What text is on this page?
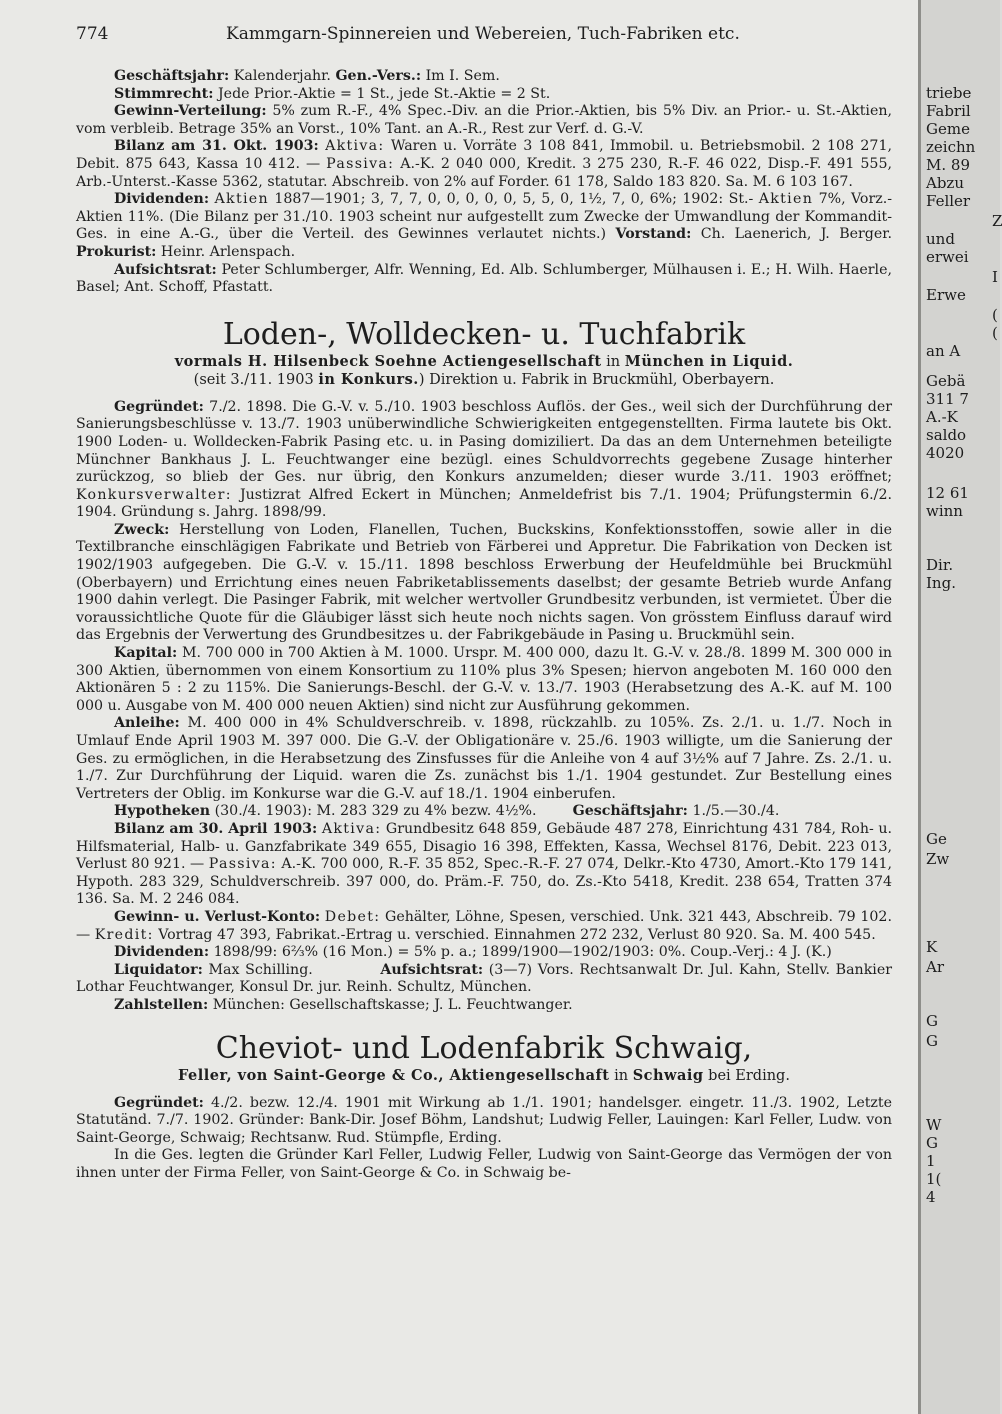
774	Kammgarn-Spinnereien und Webereien, Tuch-Fabriken etc.

Geschäftsjahr: Kalenderjahr. Gen.-Vers.: Im I. Sem.

Stimmrecht: Jede Prior.-Aktie = 1 St., jede St.-Aktie = 2 St.

Gewinn-Verteilung: 5% zum R.-F., 4% Spec.-Div. an die Prior.-Aktien, bis 5% Div. an Prior.- u. St.-Aktien, vom verbleib. Betrage 35% an Vorst., 10% Tant. an A.-R., Rest zur Verf. d. G.-V.

Bilanz am 31. Okt. 1903: Aktiva: Waren u. Vorräte 3 108 841, Immobil. u. Betriebsmobil. 2 108 271, Debit. 875 643, Kassa 10 412. — Passiva: A.-K. 2 040 000, Kredit. 3 275 230, R.-F. 46 022, Disp.-F. 491 555, Arb.-Unterst.-Kasse 5362, statutar. Abschreib. von 2% auf Forder. 61 178, Saldo 183 820. Sa. M. 6 103 167.

Dividenden: Aktien 1887—1901; 3, 7, 7, 0, 0, 0, 0, 0, 5, 5, 0, 1½, 7, 0, 6%; 1902: St.- Aktien 7%, Vorz.-Aktien 11%. (Die Bilanz per 31./10. 1903 scheint nur aufgestellt zum Zwecke der Umwandlung der Kommandit-Ges. in eine A.-G., über die Verteil. des Gewinnes verlautet nichts.) Vorstand: Ch. Laenerich, J. Berger. Prokurist: Heinr. Arlenspach.

Aufsichtsrat: Peter Schlumberger, Alfr. Wenning, Ed. Alb. Schlumberger, Mülhausen i. E.; H. Wilh. Haerle, Basel; Ant. Schoff, Pfastatt.

Loden-, Wolldecken- u. Tuchfabrik
vormals H. Hilsenbeck Soehne Actiengesellschaft in München in Liquid.
(seit 3./11. 1903 in Konkurs.) Direktion u. Fabrik in Bruckmühl, Oberbayern.

Gegründet: 7./2. 1898. Die G.-V. v. 5./10. 1903 beschloss Auflös. der Ges., weil sich der Durchführung der Sanierungsbeschlüsse v. 13./7. 1903 unüberwindliche Schwierigkeiten entgegenstellten. Firma lautete bis Okt. 1900 Loden- u. Wolldecken-Fabrik Pasing etc. u. in Pasing domiziliert. Da das an dem Unternehmen beteiligte Münchner Bankhaus J. L. Feuchtwanger eine bezügl. eines Schuldvorrechts gegebene Zusage hinterher zurückzog, so blieb der Ges. nur übrig, den Konkurs anzumelden; dieser wurde 3./11. 1903 eröffnet; Konkursverwalter: Justizrat Alfred Eckert in München; Anmeldefrist bis 7./1. 1904; Prüfungstermin 6./2. 1904. Gründung s. Jahrg. 1898/99.

Zweck: Herstellung von Loden, Flanellen, Tuchen, Buckskins, Konfektionsstoffen, sowie aller in die Textilbranche einschlägigen Fabrikate und Betrieb von Färberei und Appretur. Die Fabrikation von Decken ist 1902/1903 aufgegeben. Die G.-V. v. 15./11. 1898 beschloss Erwerbung der Heufeldmühle bei Bruckmühl (Oberbayern) und Errichtung eines neuen Fabriketablissements daselbst; der gesamte Betrieb wurde Anfang 1900 dahin verlegt. Die Pasinger Fabrik, mit welcher wertvoller Grundbesitz verbunden, ist vermietet. Über die voraussichtliche Quote für die Gläubiger lässt sich heute noch nichts sagen. Von grösstem Einfluss darauf wird das Ergebnis der Verwertung des Grundbesitzes u. der Fabrikgebäude in Pasing u. Bruckmühl sein.

Kapital: M. 700 000 in 700 Aktien à M. 1000. Urspr. M. 400 000, dazu lt. G.-V. v. 28./8. 1899 M. 300 000 in 300 Aktien, übernommen von einem Konsortium zu 110% plus 3% Spesen; hiervon angeboten M. 160 000 den Aktionären 5 : 2 zu 115%. Die Sanierungs-Beschl. der G.-V. v. 13./7. 1903 (Herabsetzung des A.-K. auf M. 100 000 u. Ausgabe von M. 400 000 neuen Aktien) sind nicht zur Ausführung gekommen.

Anleihe: M. 400 000 in 4% Schuldverschreib. v. 1898, rückzahlb. zu 105%. Zs. 2./1. u. 1./7. Noch in Umlauf Ende April 1903 M. 397 000. Die G.-V. der Obligationäre v. 25./6. 1903 willigte, um die Sanierung der Ges. zu ermöglichen, in die Herabsetzung des Zinsfusses für die Anleihe von 4 auf 3½% auf 7 Jahre. Zs. 2./1. u. 1./7. Zur Durchführung der Liquid. waren die Zs. zunächst bis 1./1. 1904 gestundet. Zur Bestellung eines Vertreters der Oblig. im Konkurse war die G.-V. auf 18./1. 1904 einberufen.

Hypotheken (30./4. 1903): M. 283 329 zu 4% bezw. 4½%.	Geschäftsjahr: 1./5.—30./4.

Bilanz am 30. April 1903: Aktiva: Grundbesitz 648 859, Gebäude 487 278, Einrichtung 431 784, Roh- u. Hilfsmaterial, Halb- u. Ganzfabrikate 349 655, Disagio 16 398, Effekten, Kassa, Wechsel 8176, Debit. 223 013, Verlust 80 921. — Passiva: A.-K. 700 000, R.-F. 35 852, Spec.-R.-F. 27 074, Delkr.-Kto 4730, Amort.-Kto 179 141, Hypoth. 283 329, Schuldverschreib. 397 000, do. Präm.-F. 750, do. Zs.-Kto 5418, Kredit. 238 654, Tratten 374 136. Sa. M. 2 246 084.

Gewinn- u. Verlust-Konto: Debet: Gehälter, Löhne, Spesen, verschied. Unk. 321 443, Abschreib. 79 102. — Kredit: Vortrag 47 393, Fabrikat.-Ertrag u. verschied. Einnahmen 272 232, Verlust 80 920. Sa. M. 400 545.

Dividenden: 1898/99: 6⅔% (16 Mon.) = 5% p. a.; 1899/1900—1902/1903: 0%. Coup.-Verj.: 4 J. (K.)

Liquidator: Max Schilling.	Aufsichtsrat: (3—7) Vors. Rechtsanwalt Dr. Jul. Kahn, Stellv. Bankier Lothar Feuchtwanger, Konsul Dr. jur. Reinh. Schultz, München.

Zahlstellen: München: Gesellschaftskasse; J. L. Feuchtwanger.

Cheviot- und Lodenfabrik Schwaig,
Feller, von Saint-George & Co., Aktiengesellschaft in Schwaig bei Erding.

Gegründet: 4./2. bezw. 12./4. 1901 mit Wirkung ab 1./1. 1901; handelsger. eingetr. 11./3. 1902, Letzte Statutänd. 7./7. 1902. Gründer: Bank-Dir. Josef Böhm, Landshut; Ludwig Feller, Lauingen: Karl Feller, Ludw. von Saint-George, Schwaig; Rechtsanw. Rud. Stümpfle, Erding.

In die Ges. legten die Gründer Karl Feller, Ludwig Feller, Ludwig von Saint-George das Vermögen der von ihnen unter der Firma Feller, von Saint-George & Co. in Schwaig be-

triebe
Fabril
Geme
zeichn
M. 89
Abzu
Feller
Z
und
erwei
I
Erwe
(
(
an A
Gebä
311 7
A.-K
saldo
4020
12 61
winn
Dir.
Ing.
Ge
Zw
K
Ar
G
G
W
G
1
1(
4
